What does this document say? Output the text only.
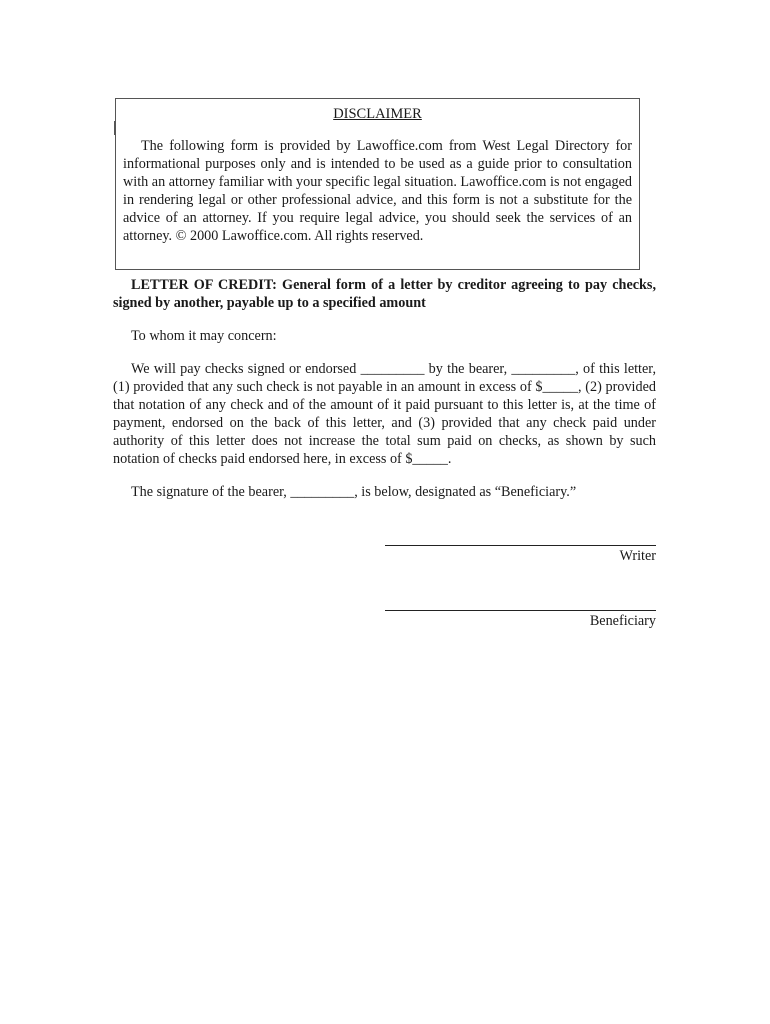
DISCLAIMER

The following form is provided by Lawoffice.com from West Legal Directory for informational purposes only and is intended to be used as a guide prior to consultation with an attorney familiar with your specific legal situation. Lawoffice.com is not engaged in rendering legal or other professional advice, and this form is not a substitute for the advice of an attorney. If you require legal advice, you should seek the services of an attorney. © 2000 Lawoffice.com. All rights reserved.

LETTER OF CREDIT: General form of a letter by creditor agreeing to pay checks, signed by another, payable up to a specified amount

To whom it may concern:

We will pay checks signed or endorsed _________ by the bearer, _________, of this letter, (1) provided that any such check is not payable in an amount in excess of $_____, (2) provided that notation of any check and of the amount of it paid pursuant to this letter is, at the time of payment, endorsed on the back of this letter, and (3) provided that any check paid under authority of this letter does not increase the total sum paid on checks, as shown by such notation of checks paid endorsed here, in excess of $_____.

The signature of the bearer, _________, is below, designated as “Beneficiary.”

Writer
Beneficiary
